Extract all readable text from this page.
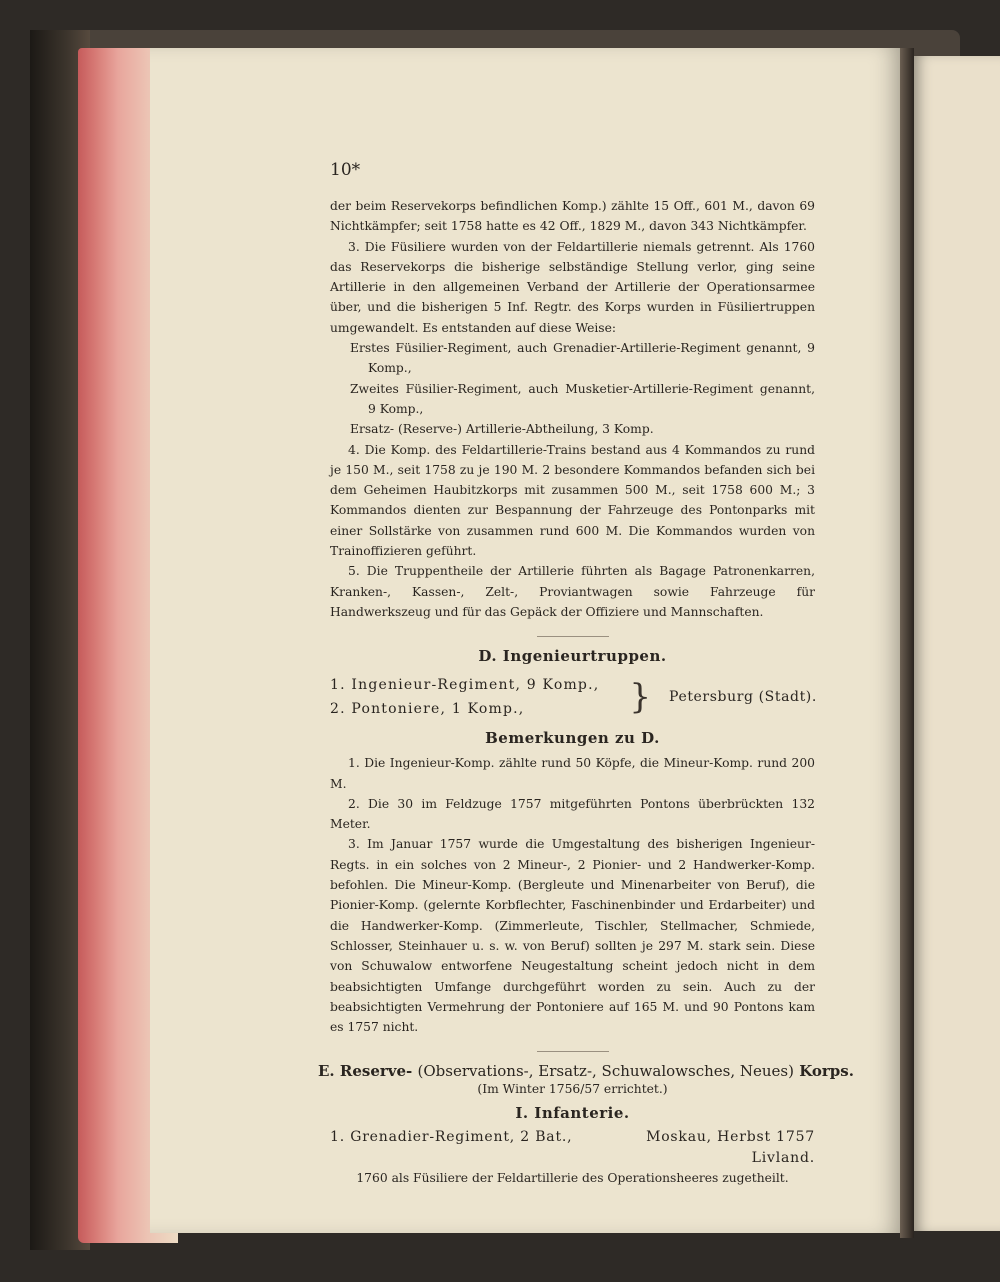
10*

der beim Reservekorps befindlichen Komp.) zählte 15 Off., 601 M., davon 69 Nichtkämpfer; seit 1758 hatte es 42 Off., 1829 M., davon 343 Nichtkämpfer.

3. Die Füsiliere wurden von der Feldartillerie niemals getrennt. Als 1760 das Reservekorps die bisherige selbständige Stellung verlor, ging seine Artillerie in den allgemeinen Verband der Artillerie der Operationsarmee über, und die bisherigen 5 Inf. Regtr. des Korps wurden in Füsiliertruppen umgewandelt. Es entstanden auf diese Weise:

Erstes Füsilier-Regiment, auch Grenadier-Artillerie-Regiment genannt, 9 Komp.,

Zweites Füsilier-Regiment, auch Musketier-Artillerie-Regiment genannt, 9 Komp.,

Ersatz- (Reserve-) Artillerie-Abtheilung, 3 Komp.

4. Die Komp. des Feldartillerie-Trains bestand aus 4 Kommandos zu rund je 150 M., seit 1758 zu je 190 M. 2 besondere Kommandos befanden sich bei dem Geheimen Haubitzkorps mit zusammen 500 M., seit 1758 600 M.; 3 Kommandos dienten zur Bespannung der Fahrzeuge des Pontonparks mit einer Sollstärke von zusammen rund 600 M. Die Kommandos wurden von Trainoffizieren geführt.

5. Die Truppentheile der Artillerie führten als Bagage Patronenkarren, Kranken-, Kassen-, Zelt-, Proviantwagen sowie Fahrzeuge für Handwerkszeug und für das Gepäck der Offiziere und Mannschaften.

D. Ingenieurtruppen.
1. Ingenieur-Regiment, 9 Komp.,
2. Pontoniere, 1 Komp.,	} Petersburg (Stadt).
Bemerkungen zu D.

1. Die Ingenieur-Komp. zählte rund 50 Köpfe, die Mineur-Komp. rund 200 M.

2. Die 30 im Feldzuge 1757 mitgeführten Pontons überbrückten 132 Meter.

3. Im Januar 1757 wurde die Umgestaltung des bisherigen Ingenieur-Regts. in ein solches von 2 Mineur-, 2 Pionier- und 2 Handwerker-Komp. befohlen. Die Mineur-Komp. (Bergleute und Minenarbeiter von Beruf), die Pionier-Komp. (gelernte Korbflechter, Faschinenbinder und Erdarbeiter) und die Handwerker-Komp. (Zimmerleute, Tischler, Stellmacher, Schmiede, Schlosser, Steinhauer u. s. w. von Beruf) sollten je 297 M. stark sein. Diese von Schuwalow entworfene Neugestaltung scheint jedoch nicht in dem beabsichtigten Umfange durchgeführt worden zu sein. Auch zu der beabsichtigten Vermehrung der Pontoniere auf 165 M. und 90 Pontons kam es 1757 nicht.

E. Reserve- (Observations-, Ersatz-, Schuwalowsches, Neues) Korps.
(Im Winter 1756/57 errichtet.)
I. Infanterie.
1. Grenadier-Regiment, 2 Bat.,	Moskau, Herbst 1757
Livland.
1760 als Füsiliere der Feldartillerie des Operationsheeres zugetheilt.
